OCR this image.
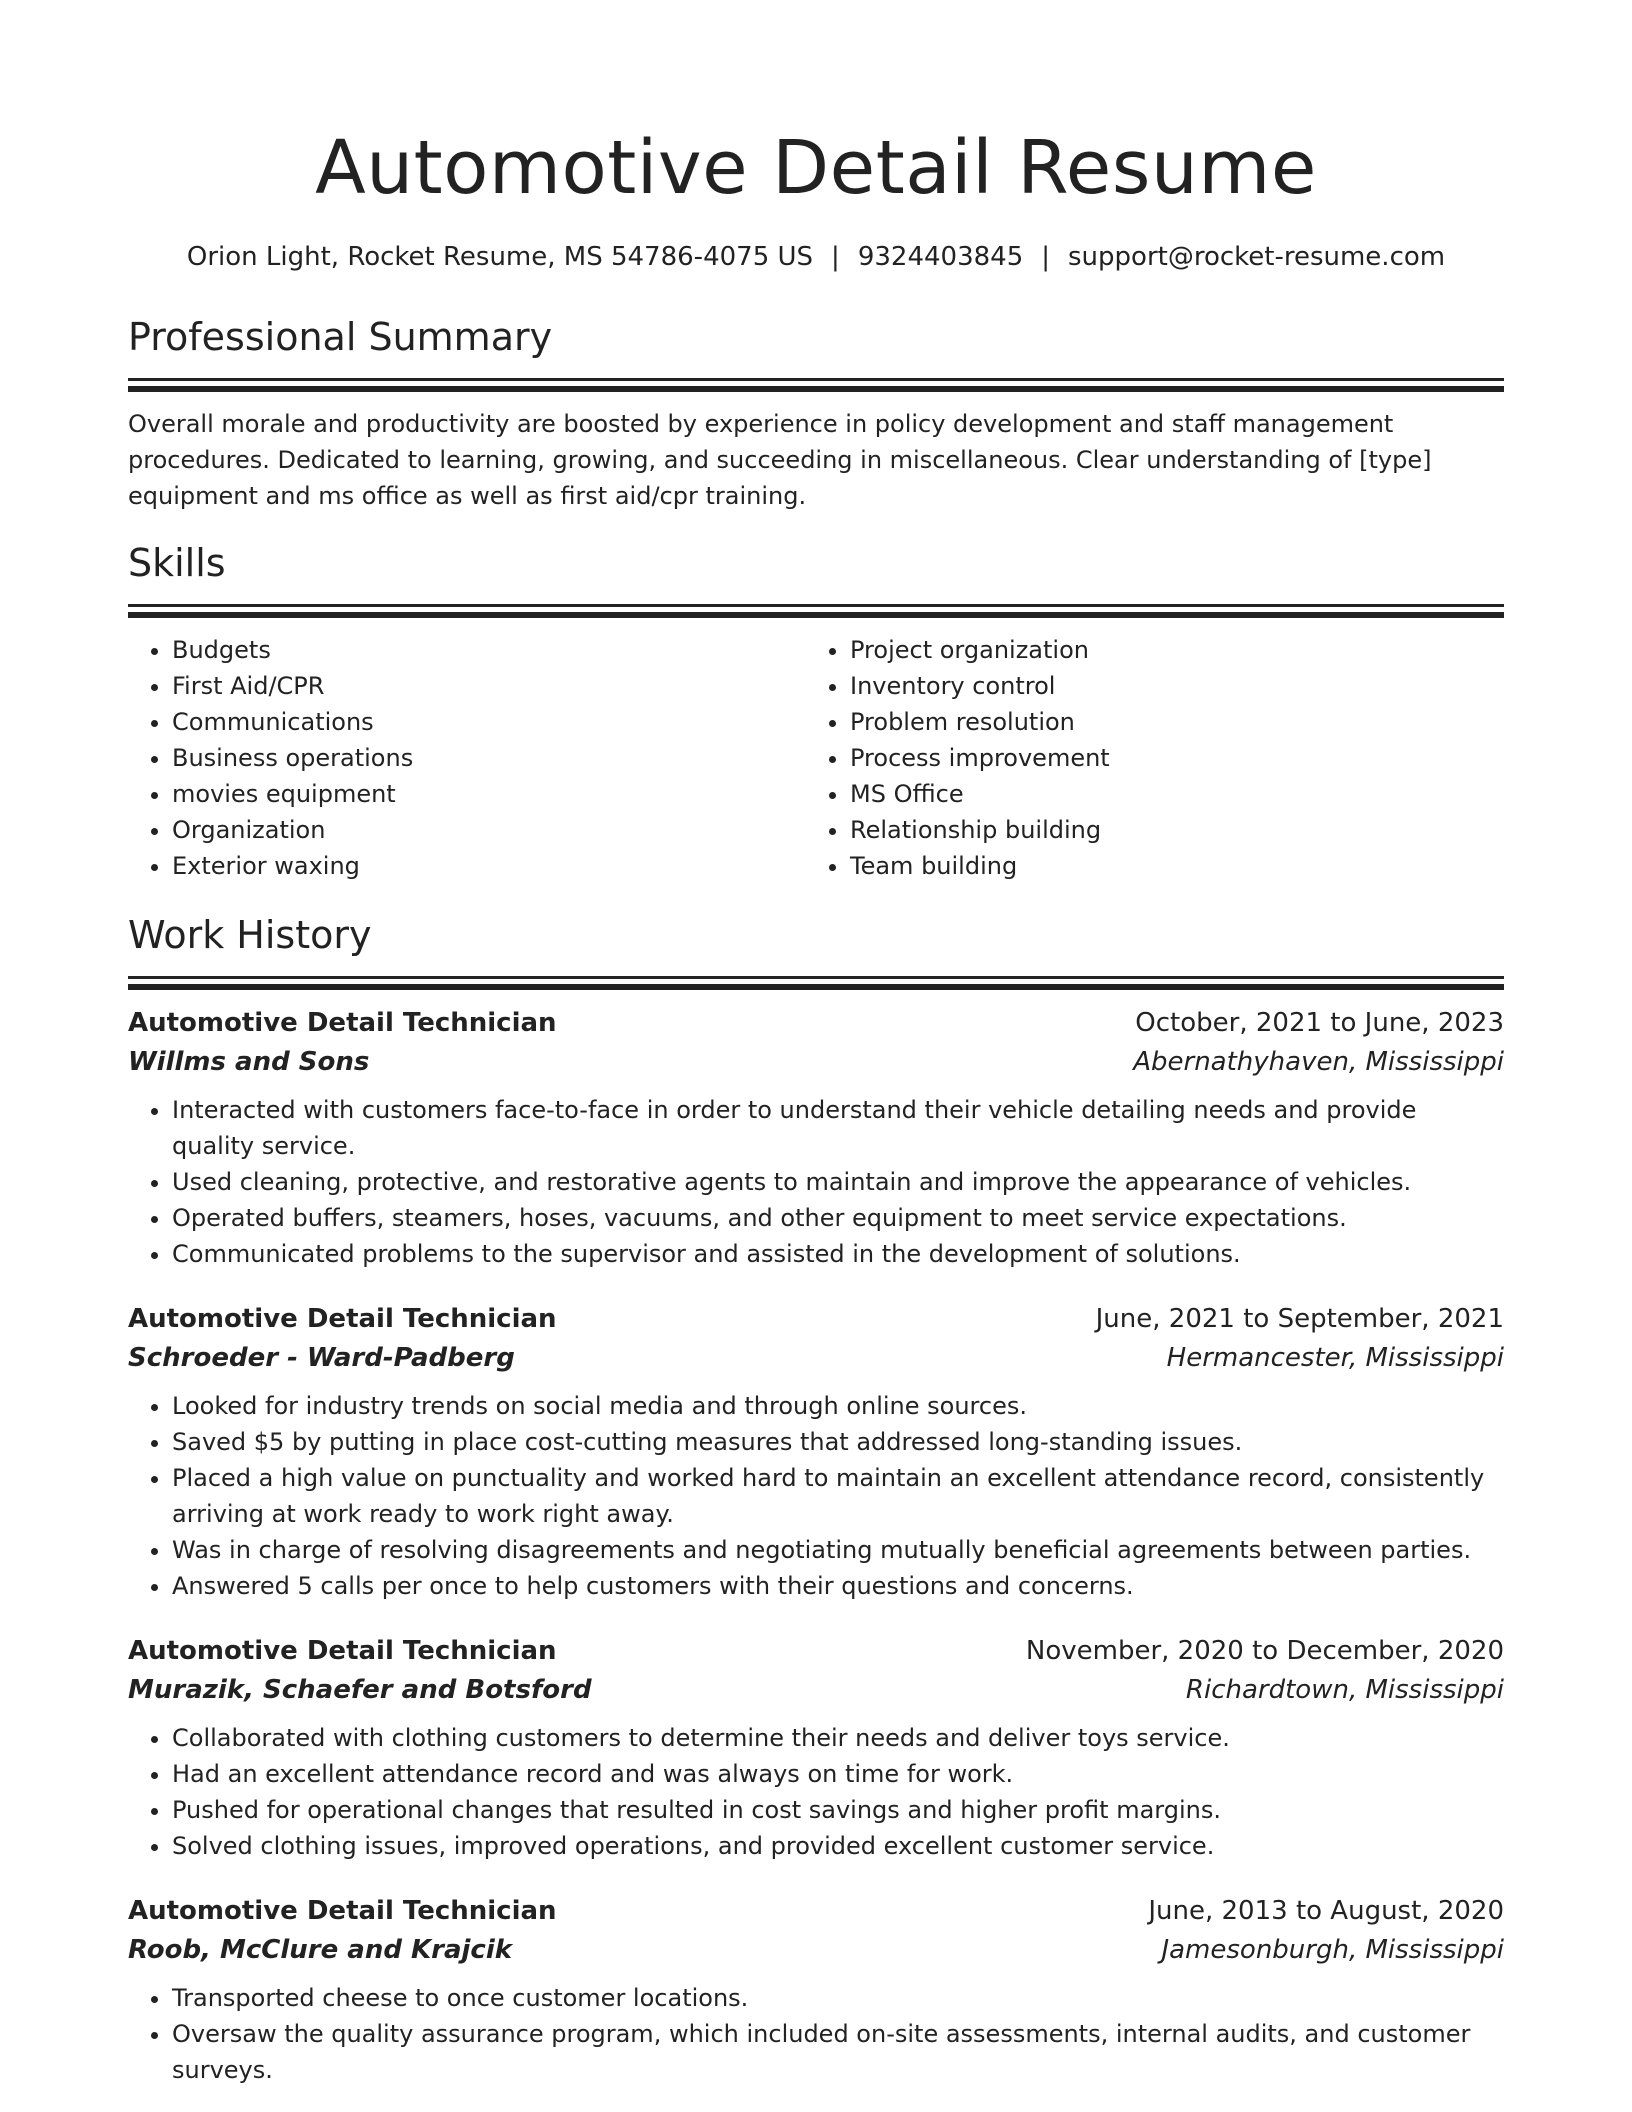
Automotive Detail Resume
Orion Light, Rocket Resume, MS 54786-4075 US | 9324403845 | support@rocket-resume.com
Professional Summary

Overall morale and productivity are boosted by experience in policy development and staff management procedures. Dedicated to learning, growing, and succeeding in miscellaneous. Clear understanding of [type] equipment and ms office as well as first aid/cpr training.

Skills
• Budgets
• First Aid/CPR
• Communications
• Business operations
• movies equipment
• Organization
• Exterior waxing
• Project organization
• Inventory control
• Problem resolution
• Process improvement
• MS Office
• Relationship building
• Team building
Work History
Automotive Detail Technician	October, 2021 to June, 2023
Willms and Sons	Abernathyhaven, Mississippi
• Interacted with customers face-to-face in order to understand their vehicle detailing needs and provide quality service.
• Used cleaning, protective, and restorative agents to maintain and improve the appearance of vehicles.
• Operated buffers, steamers, hoses, vacuums, and other equipment to meet service expectations.
• Communicated problems to the supervisor and assisted in the development of solutions.
Automotive Detail Technician	June, 2021 to September, 2021
Schroeder - Ward-Padberg	Hermancester, Mississippi
• Looked for industry trends on social media and through online sources.
• Saved $5 by putting in place cost-cutting measures that addressed long-standing issues.
• Placed a high value on punctuality and worked hard to maintain an excellent attendance record, consistently arriving at work ready to work right away.
• Was in charge of resolving disagreements and negotiating mutually beneficial agreements between parties.
• Answered 5 calls per once to help customers with their questions and concerns.
Automotive Detail Technician	November, 2020 to December, 2020
Murazik, Schaefer and Botsford	Richardtown, Mississippi
• Collaborated with clothing customers to determine their needs and deliver toys service.
• Had an excellent attendance record and was always on time for work.
• Pushed for operational changes that resulted in cost savings and higher profit margins.
• Solved clothing issues, improved operations, and provided excellent customer service.
Automotive Detail Technician	June, 2013 to August, 2020
Roob, McClure and Krajcik	Jamesonburgh, Mississippi
• Transported cheese to once customer locations.
• Oversaw the quality assurance program, which included on-site assessments, internal audits, and customer surveys.
